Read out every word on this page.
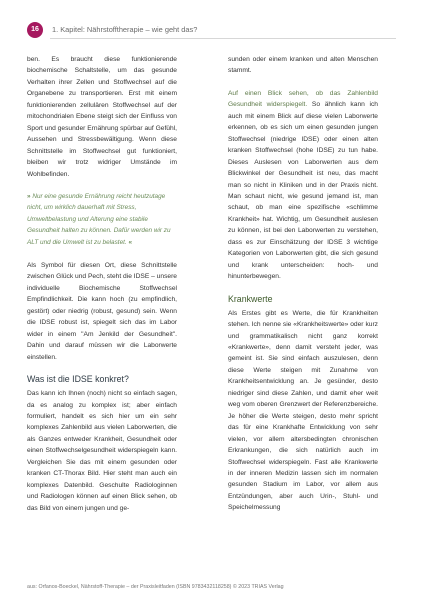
16	1. Kapitel: Nährstofftherapie – wie geht das?

ben. Es braucht diese funktionierende biochemische Schaltstelle, um das gesunde Verhalten ihrer Zellen und Stoffwechsel auf die Organebene zu transportieren. Erst mit einem funktionierenden zellulären Stoffwechsel auf der mitochondrialen Ebene steigt sich der Einfluss von Sport und gesunder Ernährung spürbar auf Gefühl, Aussehen und Stressbewältigung. Wenn diese Schnittstelle im Stoffwechsel gut funktioniert, bleiben wir trotz widriger Umstände im Wohlbefinden.

» Nur eine gesunde Ernährung reicht heutzutage nicht, um wirklich dauerhaft mit Stress, Umweltbelastung und Alterung eine stabile Gesundheit halten zu können. Dafür werden wir zu ALT und die Umwelt ist zu belastet. «

Als Symbol für diesen Ort, diese Schnittstelle zwischen Glück und Pech, steht die IDSE – unsere individuelle Biochemische Stoffwechsel Empfindlichkeit. Die kann hoch (zu empfindlich, gestört) oder niedrig (robust, gesund) sein. Wenn die IDSE robust ist, spiegelt sich das im Labor wider in einem "Am Jenkild der Gesundheit". Dahin und darauf müssen wir die Laborwerte einstellen.

Was ist die IDSE konkret?

Das kann ich Ihnen (noch) nicht so einfach sagen, da es analog zu komplex ist; aber einfach formuliert, handelt es sich hier um ein sehr komplexes Zahlenbild aus vielen Laborwerten, die als Ganzes entweder Krankheit, Gesundheit oder einen Stoffwechselgesundheit widerspiegeln kann. Vergleichen Sie das mit einem gesunden oder kranken CT-Thorax Bild. Hier steht man auch ein komplexes Datenbild. Geschulte Radiologinnen und Radiologen können auf einen Blick sehen, ob das Bild von einem jungen und ge-

sunden oder einem kranken und alten Menschen stammt.

Auf einen Blick sehen, ob das Zahlenbild Gesundheit widerspiegelt. So ähnlich kann ich auch mit einem Blick auf diese vielen Laborwerte erkennen, ob es sich um einen gesunden jungen Stoffwechsel (niedrige IDSE) oder einen alten kranken Stoffwechsel (hohe IDSE) zu tun habe. Dieses Auslesen von Laborwerten aus dem Blickwinkel der Gesundheit ist neu, das macht man so nicht in Kliniken und in der Praxis nicht. Man schaut nicht, wie gesund jemand ist, man schaut, ob man eine spezifische «schlimme Krankheit» hat. Wichtig, um Gesundheit auslesen zu können, ist bei den Laborwerten zu verstehen, dass es zur Einschätzung der IDSE 3 wichtige Kategorien von Laborwerten gibt, die sich gesund und krank unterscheiden: hoch- und hinunterbewegen.

Krankwerte

Als Erstes gibt es Werte, die für Krankheiten stehen. Ich nenne sie «Krankheitswerte» oder kurz und grammatikalisch nicht ganz korrekt «Krankwerte», denn damit versteht jeder, was gemeint ist. Sie sind einfach auszulesen, denn diese Werte steigen mit Zunahme von Krankheitsentwicklung an. Je gesünder, desto niedriger sind diese Zahlen, und damit eher weit weg vom oberen Grenzwert der Referenzbereiche. Je höher die Werte steigen, desto mehr spricht das für eine Krankhafte Entwicklung von sehr vielen, vor allem altersbedingten chronischen Erkrankungen, die sich natürlich auch im Stoffwechsel widerspiegeln. Fast alle Krankwerte in der inneren Medizin lassen sich im normalen gesunden Stadium im Labor, vor allem aus Entzündungen, aber auch Urin-, Stuhl- und Speichelmessung

aus: Orfanos-Boeckel, Nährstoff-Therapie – der Praxisleitfaden (ISBN 9783432118258) © 2023 TRIAS Verlag
